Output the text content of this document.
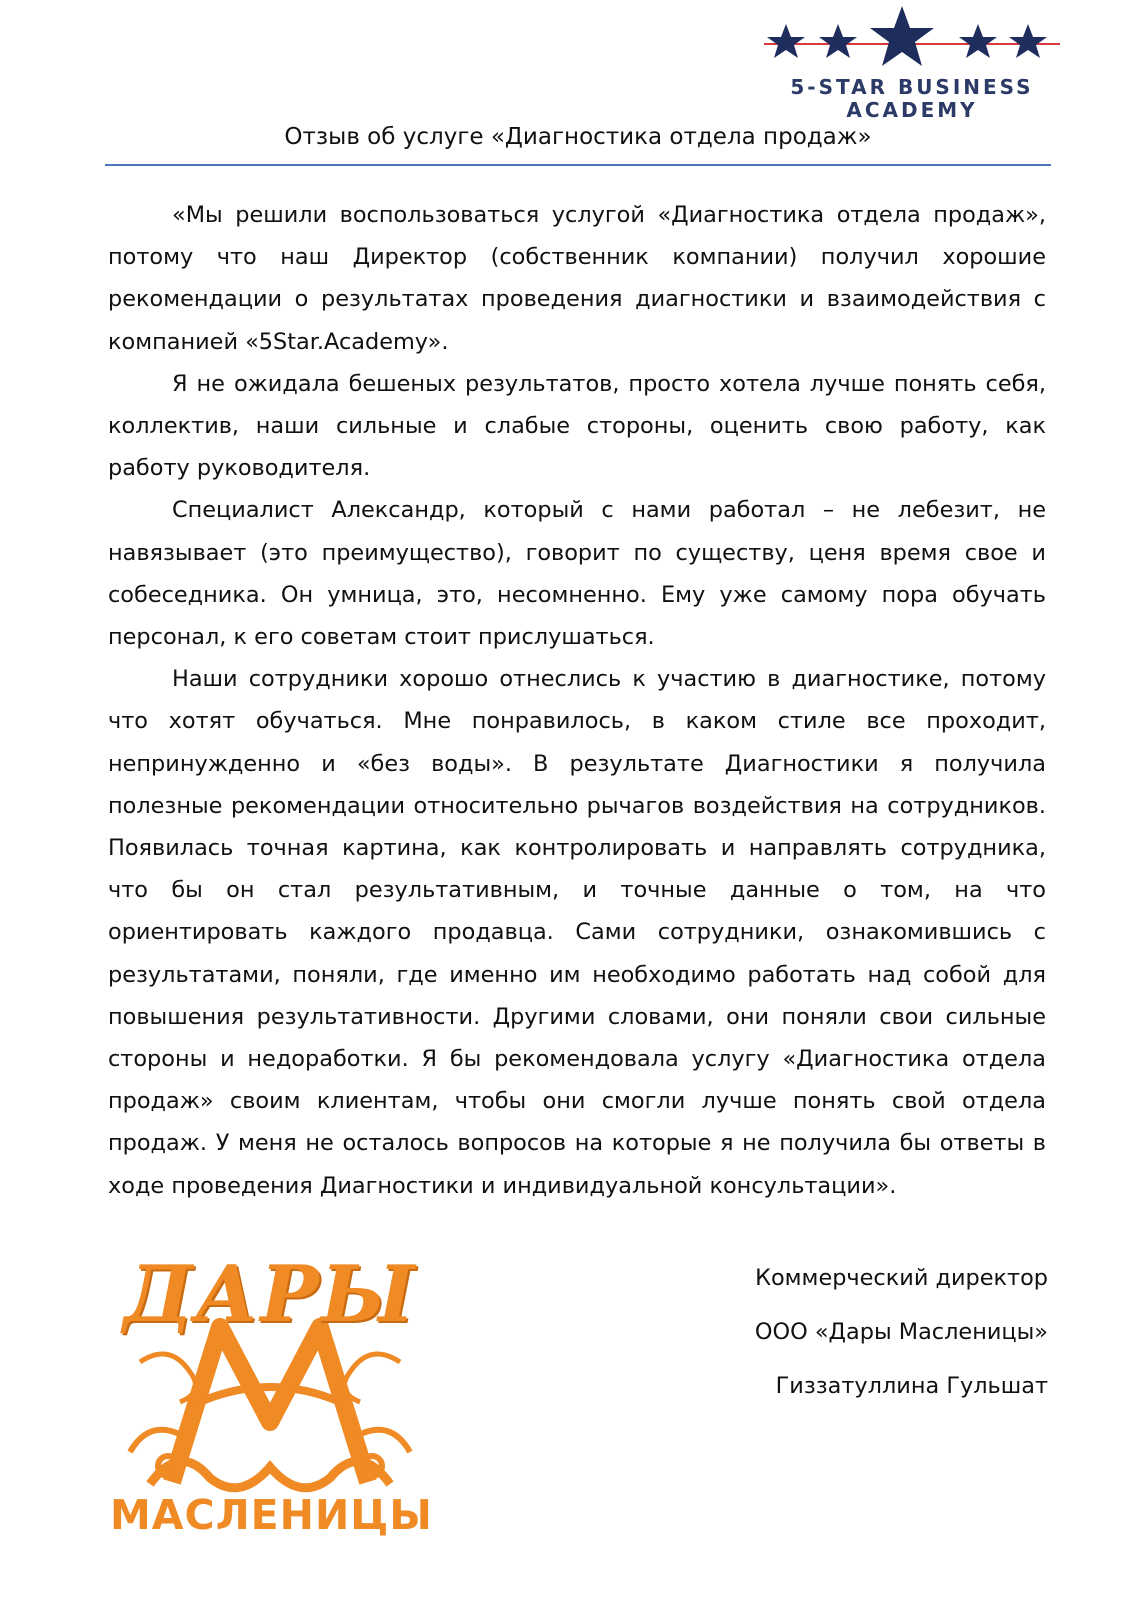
5-STAR BUSINESS
ACADEMY
Отзыв об услуге «Диагностика отдела продаж»

«Мы решили воспользоваться услугой «Диагностика отдела продаж», потому что наш Директор (собственник компании) получил хорошие рекомендации о результатах проведения диагностики и взаимодействия с компанией «5Star.Academy».

Я не ожидала бешеных результатов, просто хотела лучше понять себя, коллектив, наши сильные и слабые стороны, оценить свою работу, как работу руководителя.

Специалист Александр, который с нами работал – не лебезит, не навязывает (это преимущество), говорит по существу, ценя время свое и собеседника. Он умница, это, несомненно. Ему уже самому пора обучать персонал, к его советам стоит прислушаться.

Наши сотрудники хорошо отнеслись к участию в диагностике, потому что хотят обучаться. Мне понравилось, в каком стиле все проходит, непринужденно и «без воды». В результате Диагностики я получила полезные рекомендации относительно рычагов воздействия на сотрудников. Появилась точная картина, как контролировать и направлять сотрудника, что бы он стал результативным, и точные данные о том, на что ориентировать каждого продавца. Сами сотрудники, ознакомившись с результатами, поняли, где именно им необходимо работать над собой для повышения результативности. Другими словами, они поняли свои сильные стороны и недоработки. Я бы рекомендовала услугу «Диагностика отдела продаж» своим клиентам, чтобы они смогли лучше понять свой отдела продаж. У меня не осталось вопросов на которые я не получила бы ответы в ходе проведения Диагностики и индивидуальной консультации».

ДАРЫ
МАСЛЕНИЦЫ
Коммерческий директор
ООО «Дары Масленицы»
Гиззатуллина Гульшат
